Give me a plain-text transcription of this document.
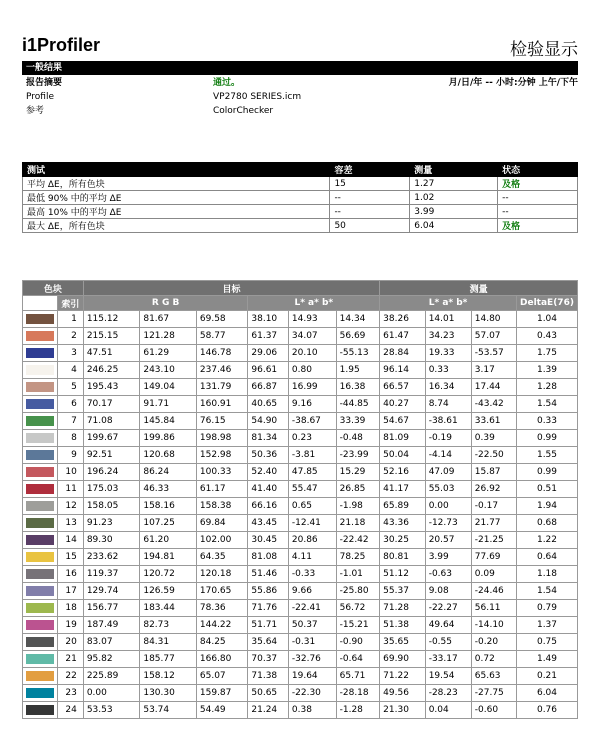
i1Profiler	检验显示
一般结果
报告摘要	通过。	月/日/年 -- 小时:分钟 上午/下午
Profile	VP2780 SERIES.icm
参考	ColorChecker
测试	容差	测量	状态
平均 ΔE，所有色块	15	1.27	及格
最低 90% 中的平均 ΔE	--	1.02	--
最高 10% 中的平均 ΔE	--	3.99	--
最大 ΔE，所有色块	50	6.04	及格
色块		目标						测量			
	索引	R G B			L* a* b*			L* a* b*			DeltaE(76)
	1	115.12	81.67	69.58	38.10	14.93	14.34	38.26	14.01	14.80	1.04
	2	215.15	121.28	58.77	61.37	34.07	56.69	61.47	34.23	57.07	0.43
	3	47.51	61.29	146.78	29.06	20.10	-55.13	28.84	19.33	-53.57	1.75
	4	246.25	243.10	237.46	96.61	0.80	1.95	96.14	0.33	3.17	1.39
	5	195.43	149.04	131.79	66.87	16.99	16.38	66.57	16.34	17.44	1.28
	6	70.17	91.71	160.91	40.65	9.16	-44.85	40.27	8.74	-43.42	1.54
	7	71.08	145.84	76.15	54.90	-38.67	33.39	54.67	-38.61	33.61	0.33
	8	199.67	199.86	198.98	81.34	0.23	-0.48	81.09	-0.19	0.39	0.99
	9	92.51	120.68	152.98	50.36	-3.81	-23.99	50.04	-4.14	-22.50	1.55
	10	196.24	86.24	100.33	52.40	47.85	15.29	52.16	47.09	15.87	0.99
	11	175.03	46.33	61.17	41.40	55.47	26.85	41.17	55.03	26.92	0.51
	12	158.05	158.16	158.38	66.16	0.65	-1.98	65.89	0.00	-0.17	1.94
	13	91.23	107.25	69.84	43.45	-12.41	21.18	43.36	-12.73	21.77	0.68
	14	89.30	61.20	102.00	30.45	20.86	-22.42	30.25	20.57	-21.25	1.22
	15	233.62	194.81	64.35	81.08	4.11	78.25	80.81	3.99	77.69	0.64
	16	119.37	120.72	120.18	51.46	-0.33	-1.01	51.12	-0.63	0.09	1.18
	17	129.74	126.59	170.65	55.86	9.66	-25.80	55.37	9.08	-24.46	1.54
	18	156.77	183.44	78.36	71.76	-22.41	56.72	71.28	-22.27	56.11	0.79
	19	187.49	82.73	144.22	51.71	50.37	-15.21	51.38	49.64	-14.10	1.37
	20	83.07	84.31	84.25	35.64	-0.31	-0.90	35.65	-0.55	-0.20	0.75
	21	95.82	185.77	166.80	70.37	-32.76	-0.64	69.90	-33.17	0.72	1.49
	22	225.89	158.12	65.07	71.38	19.64	65.71	71.22	19.54	65.63	0.21
	23	0.00	130.30	159.87	50.65	-22.30	-28.18	49.56	-28.23	-27.75	6.04
	24	53.53	53.74	54.49	21.24	0.38	-1.28	21.30	0.04	-0.60	0.76
